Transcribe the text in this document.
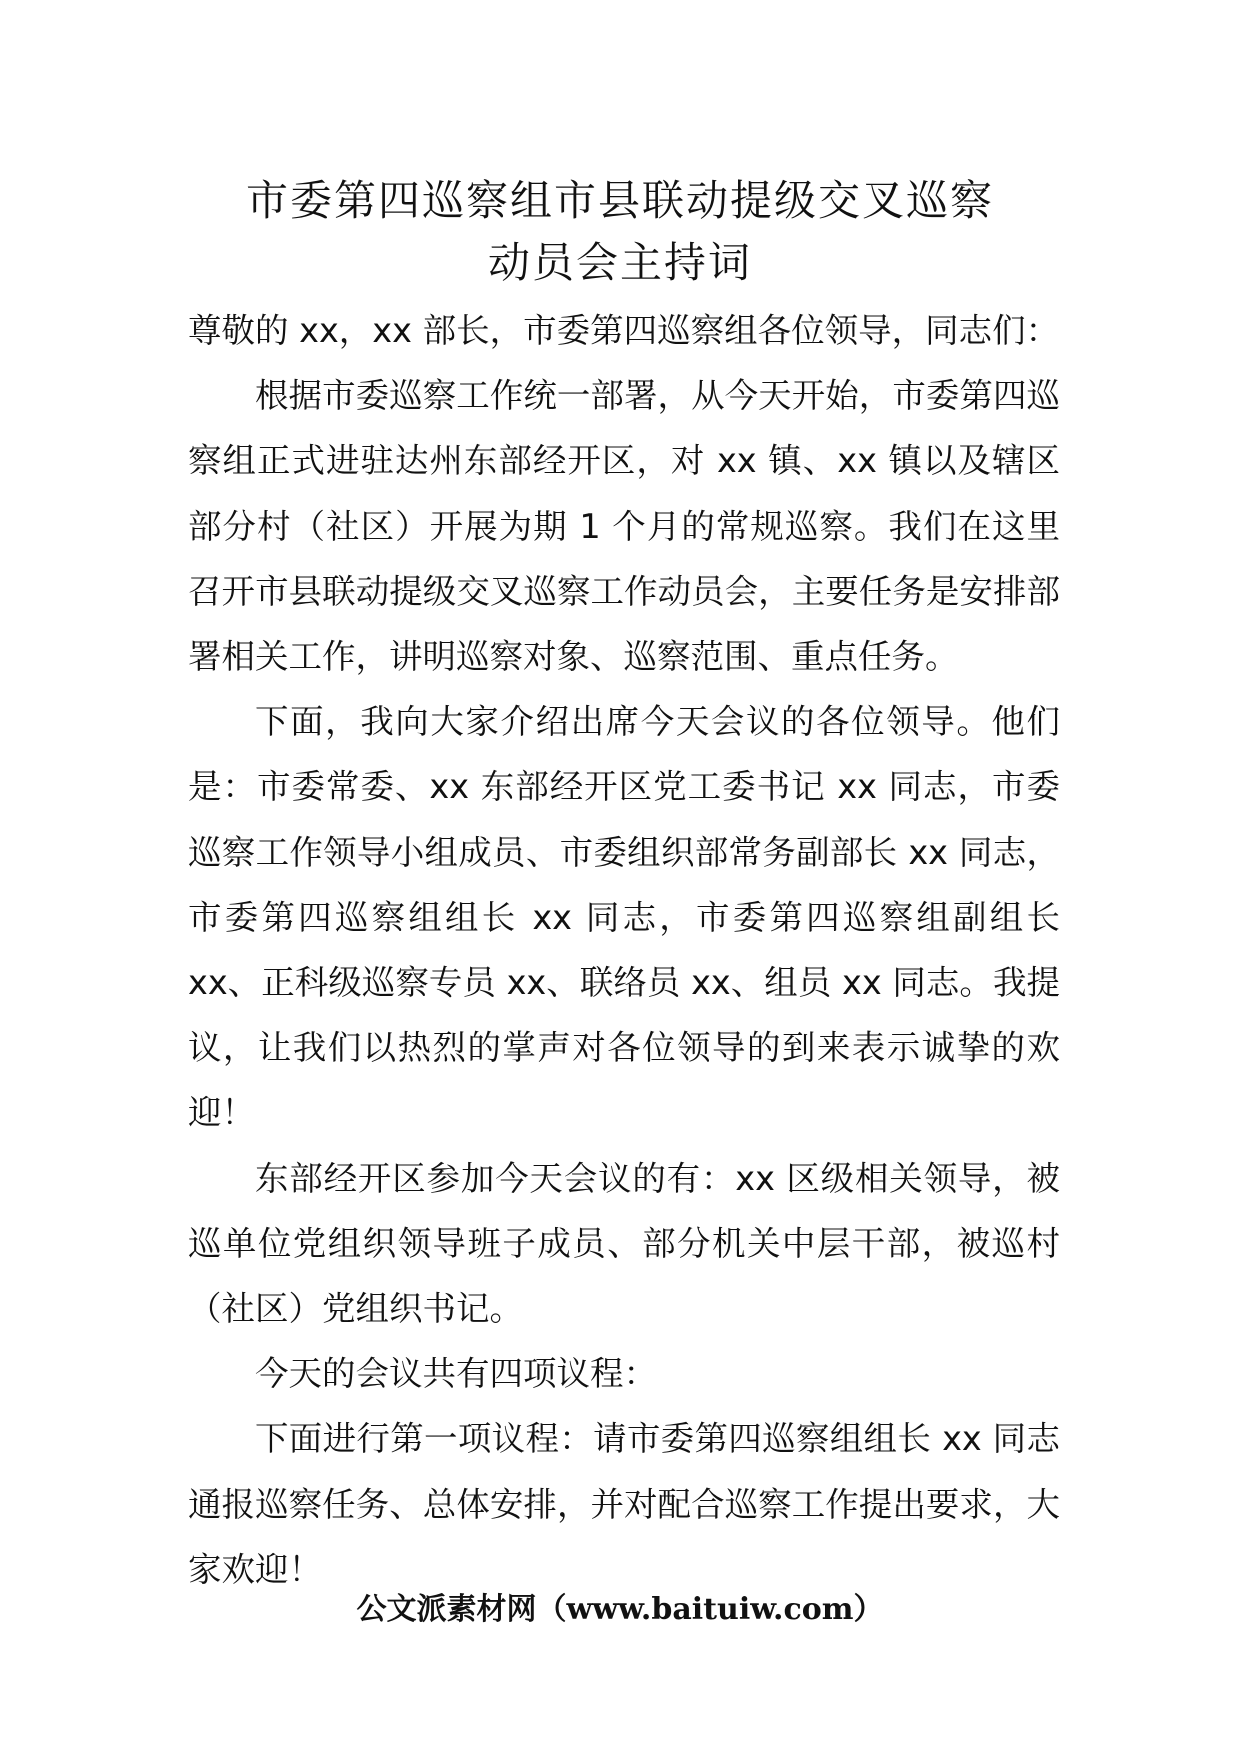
市委第四巡察组市县联动提级交叉巡察
动员会主持词

尊敬的 xx，xx 部长，市委第四巡察组各位领导，同志们：

根据市委巡察工作统一部署，从今天开始，市委第四巡察组正式进驻达州东部经开区，对 xx 镇、xx 镇以及辖区部分村（社区）开展为期 1 个月的常规巡察。我们在这里召开市县联动提级交叉巡察工作动员会，主要任务是安排部署相关工作，讲明巡察对象、巡察范围、重点任务。

下面，我向大家介绍出席今天会议的各位领导。他们是：市委常委、xx 东部经开区党工委书记 xx 同志，市委巡察工作领导小组成员、市委组织部常务副部长 xx 同志，市委第四巡察组组长 xx 同志，市委第四巡察组副组长 xx、正科级巡察专员 xx、联络员 xx、组员 xx 同志。我提议，让我们以热烈的掌声对各位领导的到来表示诚挚的欢迎！

东部经开区参加今天会议的有：xx 区级相关领导，被巡单位党组织领导班子成员、部分机关中层干部，被巡村（社区）党组织书记。

今天的会议共有四项议程：

下面进行第一项议程：请市委第四巡察组组长 xx 同志通报巡察任务、总体安排，并对配合巡察工作提出要求，大家欢迎！

公文派素材网（www.baituiw.com）
